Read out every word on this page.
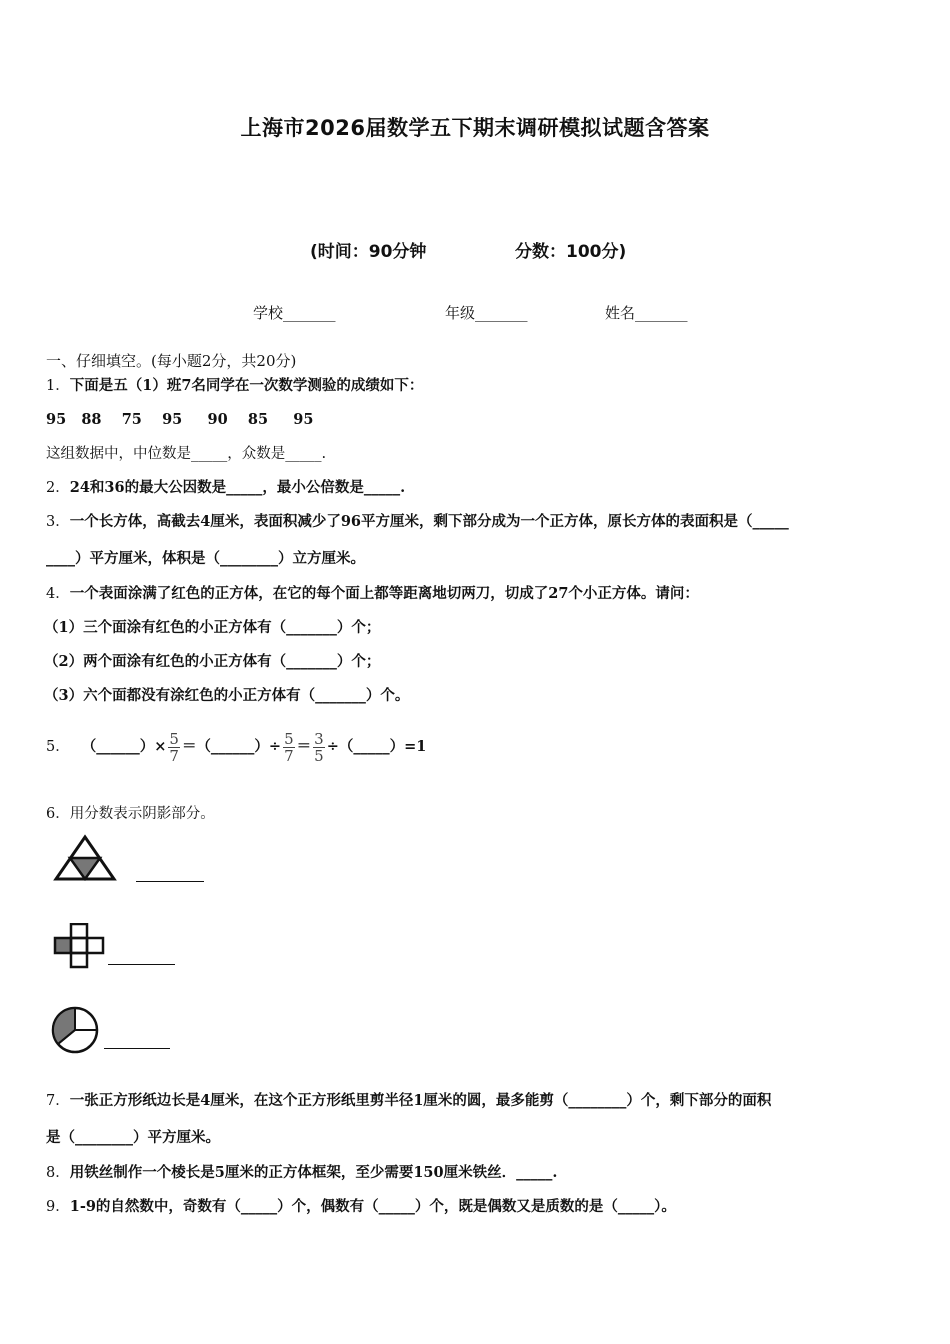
上海市2026届数学五下期末调研模拟试题含答案
(时间：90分钟	分数：100分)
学校_______	年级_______	姓名_______
一、仔细填空。(每小题2分，共20分)
1．下面是五（1）班7名同学在一次数学测验的成绩如下：
95   88    75    95     90    85     95
这组数据中，中位数是_____，众数是_____.
2．24和36的最大公因数是_____，最小公倍数是_____.
3．一个长方体，高截去4厘米，表面积减少了96平方厘米，剩下部分成为一个正方体，原长方体的表面积是（_____
____）平方厘米，体积是（________）立方厘米。
4．一个表面涂满了红色的正方体，在它的每个面上都等距离地切两刀，切成了27个小正方体。请问：
（1）三个面涂有红色的小正方体有（_______）个；
（2）两个面涂有红色的小正方体有（_______）个；
（3）六个面都没有涂红色的小正方体有（_______）个。
5． （______）× $\frac{5}{7}$ ＝（______）÷ $\frac{5}{7} = \frac{3}{5}$ ÷（_____）=1
6．用分数表示阴影部分。
7．一张正方形纸边长是4厘米，在这个正方形纸里剪半径1厘米的圆，最多能剪（________）个，剩下部分的面积
是（________）平方厘米。
8．用铁丝制作一个棱长是5厘米的正方体框架，至少需要150厘米铁丝．_____.
9．1-9的自然数中，奇数有（_____）个，偶数有（_____）个，既是偶数又是质数的是（_____）。
